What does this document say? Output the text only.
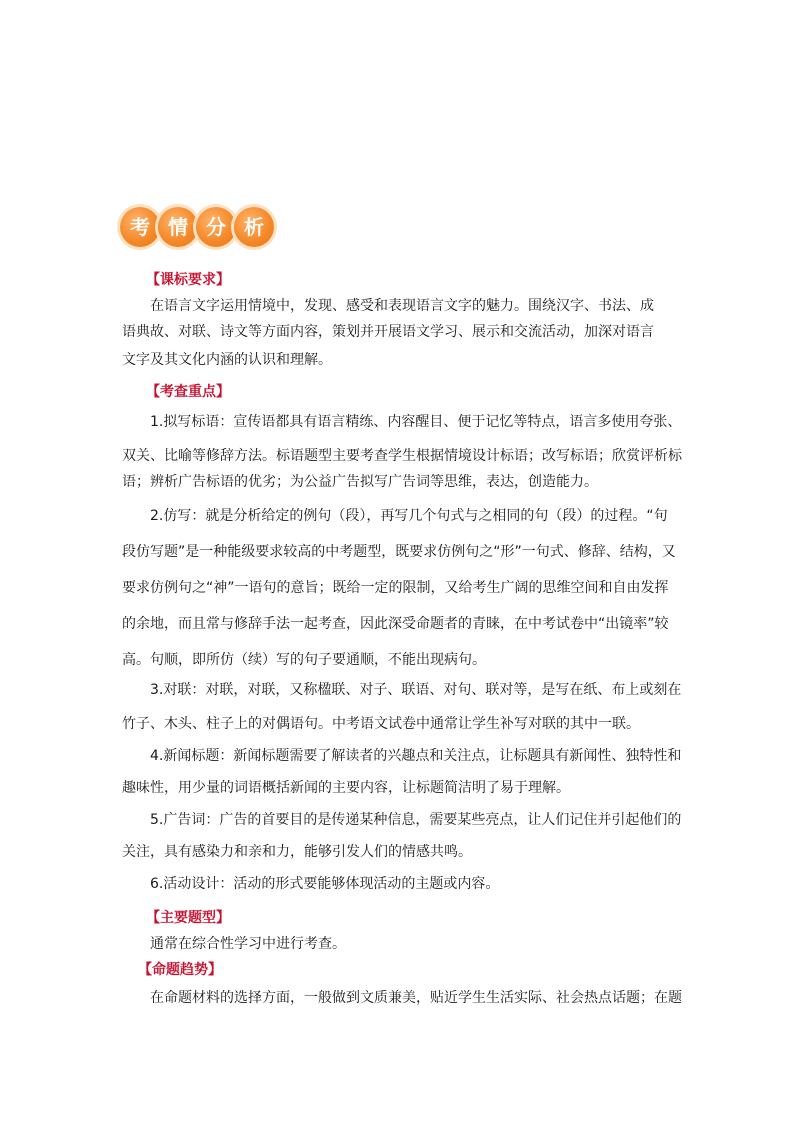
考 情 分 析
【课标要求】
在语言文字运用情境中，发现、感受和表现语言文字的魅力。围绕汉字、书法、成
语典故、对联、诗文等方面内容，策划并开展语文学习、展示和交流活动，加深对语言
文字及其文化内涵的认识和理解。
【考查重点】
1.拟写标语：宣传语都具有语言精练、内容醒目、便于记忆等特点，语言多使用夸张、
双关、比喻等修辞方法。标语题型主要考查学生根据情境设计标语；改写标语；欣赏评析标
语；辨析广告标语的优劣；为公益广告拟写广告词等思维，表达，创造能力。
2.仿写：就是分析给定的例句（段），再写几个句式与之相同的句（段）的过程。“句
段仿写题”是一种能级要求较高的中考题型，既要求仿例句之“形”一句式、修辞、结构，又
要求仿例句之“神”一语句的意旨；既给一定的限制，又给考生广阔的思维空间和自由发挥
的余地，而且常与修辞手法一起考查，因此深受命题者的青睐，在中考试卷中“出镜率”较
高。句顺，即所仿（续）写的句子要通顺，不能出现病句。
3.对联：对联，对联，又称楹联、对子、联语、对句、联对等，是写在纸、布上或刻在
竹子、木头、柱子上的对偶语句。中考语文试卷中通常让学生补写对联的其中一联。
4.新闻标题：新闻标题需要了解读者的兴趣点和关注点，让标题具有新闻性、独特性和
趣味性，用少量的词语概括新闻的主要内容，让标题简洁明了易于理解。
5.广告词：广告的首要目的是传递某种信息，需要某些亮点，让人们记住并引起他们的
关注，具有感染力和亲和力，能够引发人们的情感共鸣。
6.活动设计：活动的形式要能够体现活动的主题或内容。
【主要题型】
通常在综合性学习中进行考查。
【命题趋势】
在命题材料的选择方面，一般做到文质兼美，贴近学生生活实际、社会热点话题；在题
